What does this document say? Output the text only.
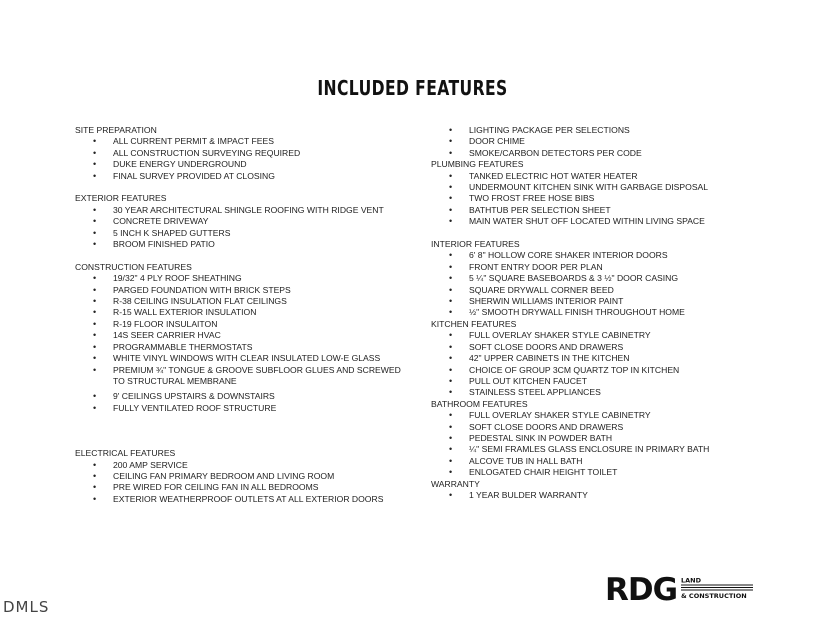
INCLUDED FEATURES

SITE PREPARATION

• ALL CURRENT PERMIT & IMPACT FEES
• ALL CONSTRUCTION SURVEYING REQUIRED
• DUKE ENERGY UNDERGROUND
• FINAL SURVEY PROVIDED AT CLOSING

EXTERIOR FEATURES

• 30 YEAR ARCHITECTURAL SHINGLE ROOFING WITH RIDGE VENT
• CONCRETE DRIVEWAY
• 5 INCH K SHAPED GUTTERS
• BROOM FINISHED PATIO

CONSTRUCTION FEATURES

• 19/32" 4 PLY ROOF SHEATHING
• PARGED FOUNDATION WITH BRICK STEPS
• R-38 CEILING INSULATION FLAT CEILINGS
• R-15 WALL EXTERIOR INSULATION
• R-19 FLOOR INSULAITON
• 14S SEER CARRIER HVAC
• PROGRAMMABLE THERMOSTATS
• WHITE VINYL WINDOWS WITH CLEAR INSULATED LOW-E GLASS
• PREMIUM ¾" TONGUE & GROOVE SUBFLOOR GLUES AND SCREWED TO STRUCTURAL MEMBRANE
• 9' CEILINGS UPSTAIRS & DOWNSTAIRS
• FULLY VENTILATED ROOF STRUCTURE

ELECTRICAL FEATURES

• 200 AMP SERVICE
• CEILING FAN PRIMARY BEDROOM AND LIVING ROOM
• PRE WIRED FOR CEILING FAN IN ALL BEDROOMS
• EXTERIOR WEATHERPROOF OUTLETS AT ALL EXTERIOR DOORS
• LIGHTING PACKAGE PER SELECTIONS
• DOOR CHIME
• SMOKE/CARBON DETECTORS PER CODE

PLUMBING FEATURES

• TANKED ELECTRIC HOT WATER HEATER
• UNDERMOUNT KITCHEN SINK WITH GARBAGE DISPOSAL
• TWO FROST FREE HOSE BIBS
• BATHTUB PER SELECTION SHEET
• MAIN WATER SHUT OFF LOCATED WITHIN LIVING SPACE

INTERIOR FEATURES

• 6' 8" HOLLOW CORE SHAKER INTERIOR DOORS
• FRONT ENTRY DOOR PER PLAN
• 5 ¼" SQUARE BASEBOARDS & 3 ½" DOOR CASING
• SQUARE DRYWALL CORNER BEED
• SHERWIN WILLIAMS INTERIOR PAINT
• ½" SMOOTH DRYWALL FINISH THROUGHOUT HOME

KITCHEN FEATURES

• FULL OVERLAY SHAKER STYLE CABINETRY
• SOFT CLOSE DOORS AND DRAWERS
• 42" UPPER CABINETS IN THE KITCHEN
• CHOICE OF GROUP 3CM QUARTZ TOP IN KITCHEN
• PULL OUT KITCHEN FAUCET
• STAINLESS STEEL APPLIANCES

BATHROOM FEATURES

• FULL OVERLAY SHAKER STYLE CABINETRY
• SOFT CLOSE DOORS AND DRAWERS
• PEDESTAL SINK IN POWDER BATH
• ¼" SEMI FRAMLES GLASS ENCLOSURE IN PRIMARY BATH
• ALCOVE TUB IN HALL BATH
• ENLOGATED CHAIR HEIGHT TOILET

WARRANTY

• 1 YEAR BULDER WARRANTY
RDG LAND
& CONSTRUCTION
DMLS
